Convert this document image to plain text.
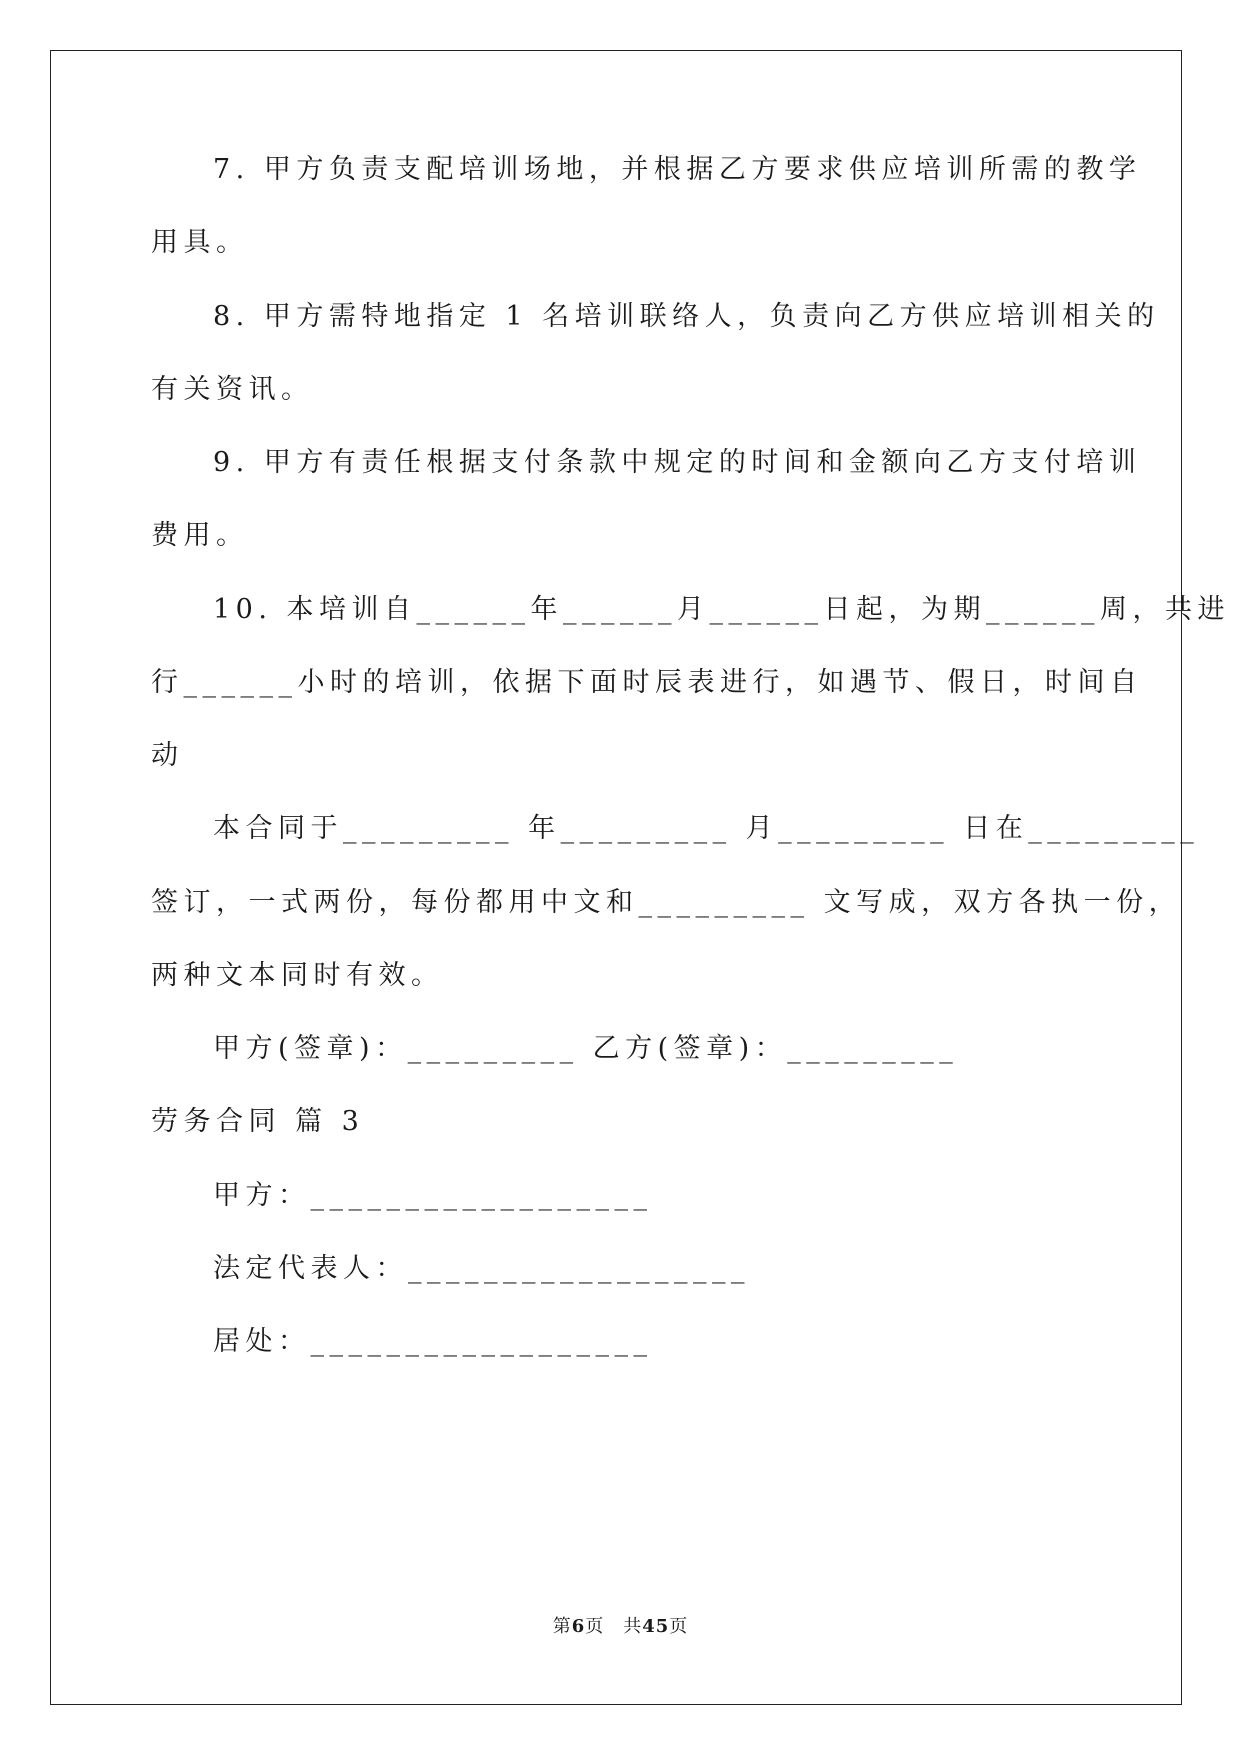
7. 甲方负责支配培训场地，并根据乙方要求供应培训所需的教学
用具。
8. 甲方需特地指定 1 名培训联络人，负责向乙方供应培训相关的
有关资讯。
9. 甲方有责任根据支付条款中规定的时间和金额向乙方支付培训
费用。
10. 本培训自______年______月______日起，为期______周，共进
行______小时的培训，依据下面时辰表进行，如遇节、假日，时间自
动
本合同于_________ 年_________ 月_________ 日在_________
签订，一式两份，每份都用中文和_________ 文写成，双方各执一份，
两种文本同时有效。
甲方(签章)：_________ 乙方(签章)：_________
劳务合同 篇 3
甲方：__________________
法定代表人：__________________
居处：__________________
第6页　共45页
